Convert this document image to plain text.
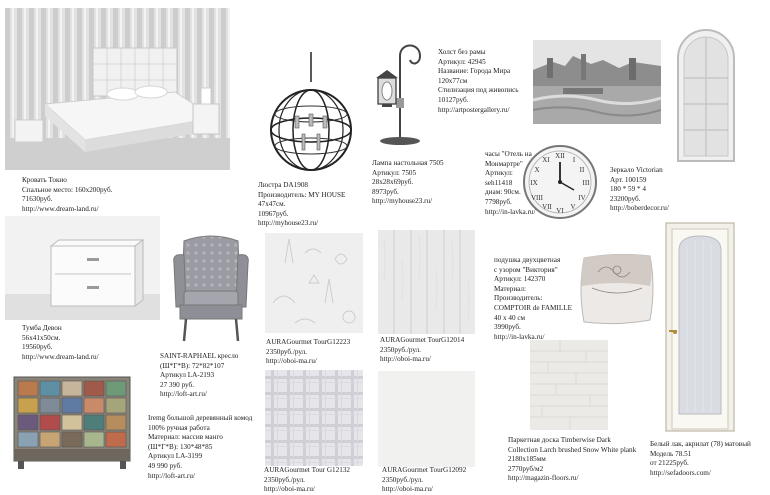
XII
III
VI
IX
I
II
IV
V
VII
VIII
X
XI
Кровать Токио
Спальное место: 160х200руб.
71630руб.
http://www.dream-land.ru/
Люстра DA1908
Производитель: MY HOUSE
47х47см.
10967руб.
http://myhouse23.ru/
Лампа настольная 7505
Артикул: 7505
28х28х69руб.
8973руб.
http://myhouse23.ru/
Холст без рамы
Артикул: 42945
Название: Города Мира
120х77см
Стилизация под живопись
10127руб.
http://artpostergallery.ru/
часы "Отель на
Монмартре"
Артикул:
seh11418
диам: 90см.
7798руб.
http://in-lavka.ru/
Зеркало Victorian
Арт. 100159
180 * 59 * 4
23200руб.
http://boberdecor.ru/
Тумба Девон
56х41х50см.
19560руб.
http://www.dream-land.ru/	SAINT-RAPHAEL кресло
(Ш*Г*В): 72*82*107
Артикул LA-2193
27 390 руб.
http://loft-art.ru/
AURAGourmet TourG12223
2350руб./рул.
http://oboi-ma.ru/
AURAGourmet TourG12014
2350руб./рул.
http://oboi-ma.ru/
подушка двухцветная
с узором "Виктория"
Артикул: 142370
Материал:
Производитель:
COMPTOIR de FAMILLE
40 х 40 см
3990руб.
http://in-lavka.ru/
Белый лак, акрилат (78) матовый
Модель 78.51
от 21225руб.
http://sefadoors.com/
Iremg большой деревянный комод
100% ручная работа
Материал: массив манго
(Ш*Г*В): 130*48*85
Артикул LA-3199
49 990 руб.
http://loft-art.ru/
AURAGourmet Tour G12132
2350руб./рул.
http://oboi-ma.ru/
AURAGourmet TourG12092
2350руб./рул.
http://oboi-ma.ru/
Паркетная доска Timberwise Dark
Collection Larch brushed Snow White plank
2180х185мм
2770руб/м2
http://magazin-floors.ru/
